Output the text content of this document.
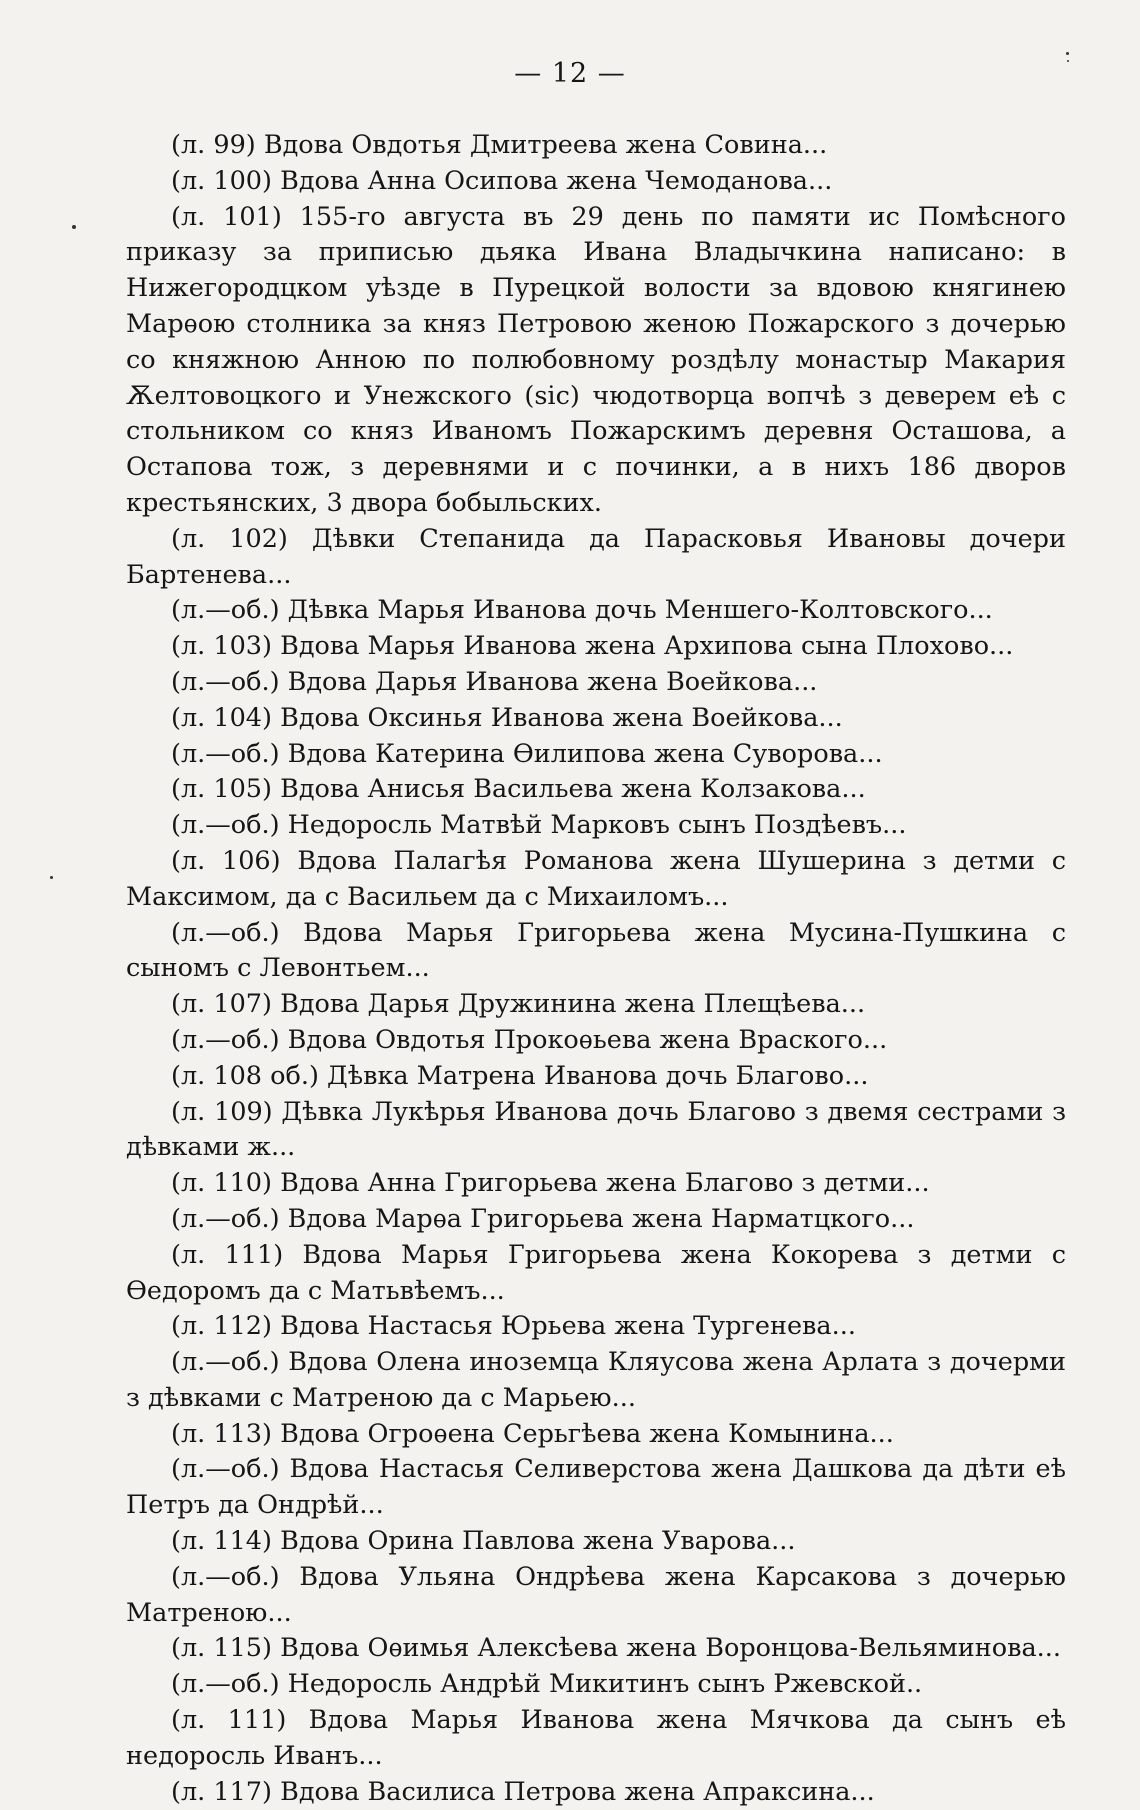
— 12 —

(л. 99) Вдова Овдотья Дмитреева жена Совина...

(л. 100) Вдова Анна Осипова жена Чемоданова...

(л. 101) 155-го августа въ 29 день по памяти ис Помѣсного приказу за приписью дьяка Ивана Владычкина написано: в Нижегородцком уѣзде в Пурецкой волости за вдовою княгинею Марѳою столника за княз Петровою женою Пожарского з дочерью со княжною Анною по полюбовному роздѣлу монастыр Макария Ѫелтовоцкого и Унежского (sic) чюдотворца вопчѣ з деверем еѣ с стольником со княз Иваномъ Пожарскимъ деревня Осташова, а Остапова тож, з деревнями и с починки, а в нихъ 186 дворов крестьянских, 3 двора бобыльских.

(л. 102) Дѣвки Степанида да Парасковья Ивановы дочери Бартенева...

(л.—об.) Дѣвка Марья Иванова дочь Меншего-Колтовского...

(л. 103) Вдова Марья Иванова жена Архипова сына Плохово...

(л.—об.) Вдова Дарья Иванова жена Воейкова...

(л. 104) Вдова Оксинья Иванова жена Воейкова...

(л.—об.) Вдова Катерина Ѳилипова жена Суворова...

(л. 105) Вдова Анисья Васильева жена Колзакова...

(л.—об.) Недоросль Матвѣй Марковъ сынъ Поздѣевъ...

(л. 106) Вдова Палагѣя Романова жена Шушерина з детми с Максимом, да с Васильем да с Михаиломъ...

(л.—об.) Вдова Марья Григорьева жена Мусина-Пушкина с сыномъ с Левонтьем...

(л. 107) Вдова Дарья Дружинина жена Плещѣева...

(л.—об.) Вдова Овдотья Прокоѳьева жена Враского...

(л. 108 об.) Дѣвка Матрена Иванова дочь Благово...

(л. 109) Дѣвка Лукѣрья Иванова дочь Благово з двемя сестрами з дѣвками ж...

(л. 110) Вдова Анна Григорьева жена Благово з детми...

(л.—об.) Вдова Марѳа Григорьева жена Нарматцкого...

(л. 111) Вдова Марья Григорьева жена Кокорева з детми с Ѳедоромъ да с Матьвѣемъ...

(л. 112) Вдова Настасья Юрьева жена Тургенева...

(л.—об.) Вдова Олена иноземца Кляусова жена Арлата з дочерми з дѣвками с Матреною да с Марьею...

(л. 113) Вдова Огроѳена Серьгѣева жена Комынина...

(л.—об.) Вдова Настасья Селиверстова жена Дашкова да дѣти еѣ Петръ да Ондрѣй...

(л. 114) Вдова Орина Павлова жена Уварова...

(л.—об.) Вдова Ульяна Ондрѣева жена Карсакова з дочерью Матреною...

(л. 115) Вдова Оѳимья Алексѣева жена Воронцова-Вельяминова...

(л.—об.) Недоросль Андрѣй Микитинъ сынъ Ржевской..

(л. 111) Вдова Марья Иванова жена Мячкова да сынъ еѣ недоросль Иванъ...

(л. 117) Вдова Василиса Петрова жена Апраксина...
